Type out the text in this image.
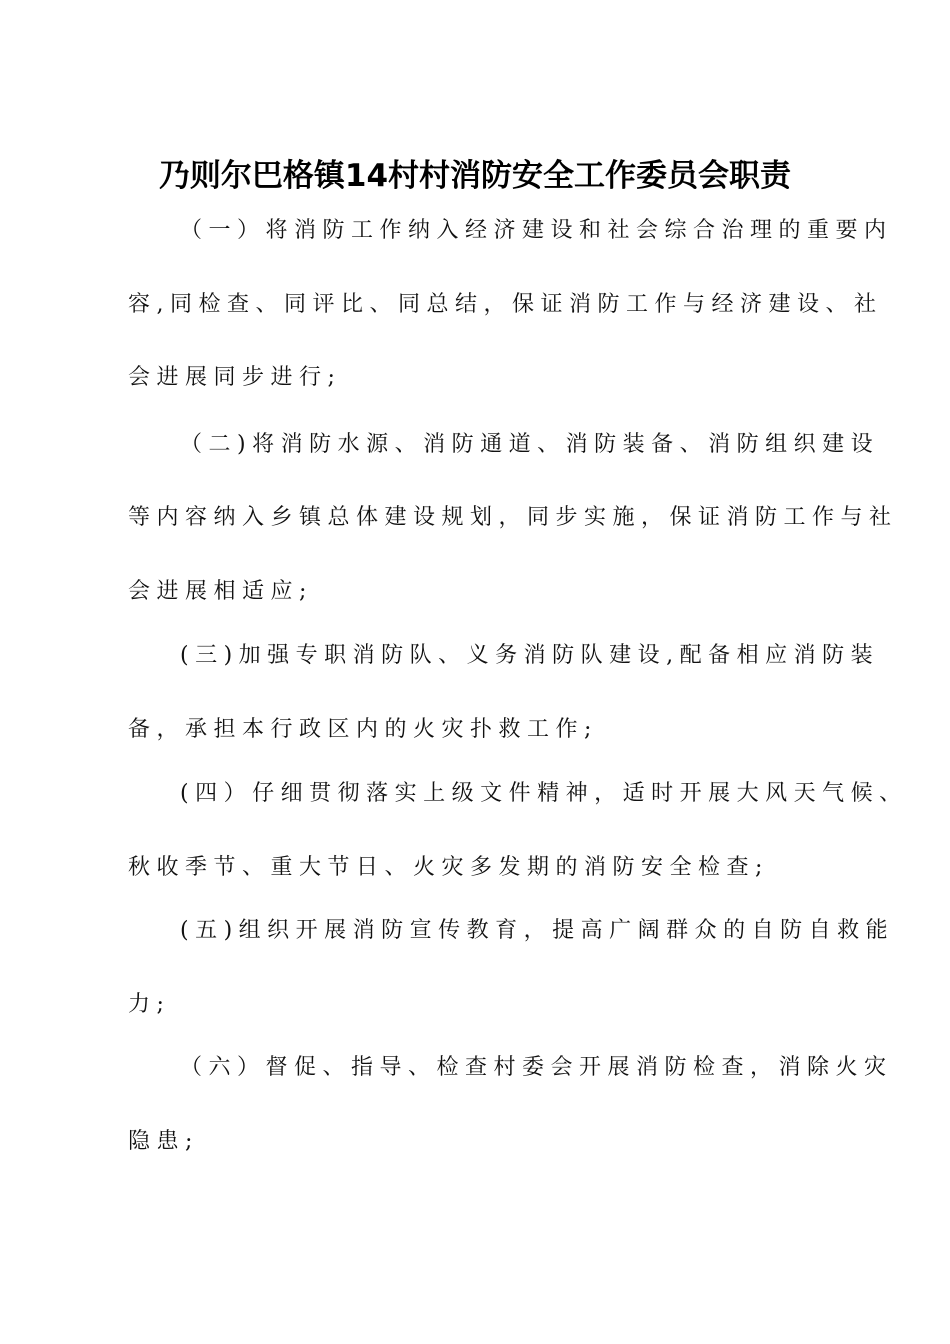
乃则尔巴格镇14村村消防安全工作委员会职责

（一）将消防工作纳入经济建设和社会综合治理的重要内

容,同检查、同评比、同总结，保证消防工作与经济建设、社

会进展同步进行;

（二)将消防水源、消防通道、消防装备、消防组织建设

等内容纳入乡镇总体建设规划，同步实施，保证消防工作与社

会进展相适应;

(三)加强专职消防队、义务消防队建设,配备相应消防装

备，承担本行政区内的火灾扑救工作;

(四）仔细贯彻落实上级文件精神，适时开展大风天气候、

秋收季节、重大节日、火灾多发期的消防安全检查;

(五)组织开展消防宣传教育，提高广阔群众的自防自救能

力;

（六）督促、指导、检查村委会开展消防检查，消除火灾

隐患;
